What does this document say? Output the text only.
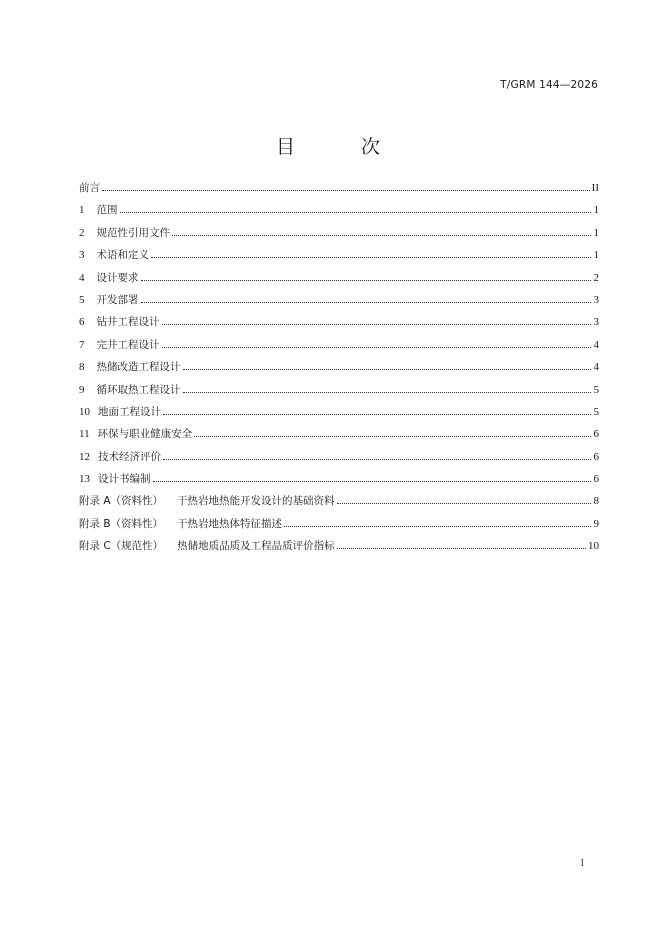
T/GRM 144—2026
目 次
前言	II
1 范围	1
2 规范性引用文件	1
3 术语和定义	1
4 设计要求	2
5 开发部署	3
6 钻井工程设计	3
7 完井工程设计	4
8 热储改造工程设计	4
9 循环取热工程设计	5
10 地面工程设计	5
11 环保与职业健康安全	6
12 技术经济评价	6
13 设计书编制	6
附录 A（资料性） 干热岩地热能开发设计的基础资料	8
附录 B（资料性） 干热岩地热体特征描述	9
附录 C（规范性） 热储地质品质及工程品质评价指标	10
I
